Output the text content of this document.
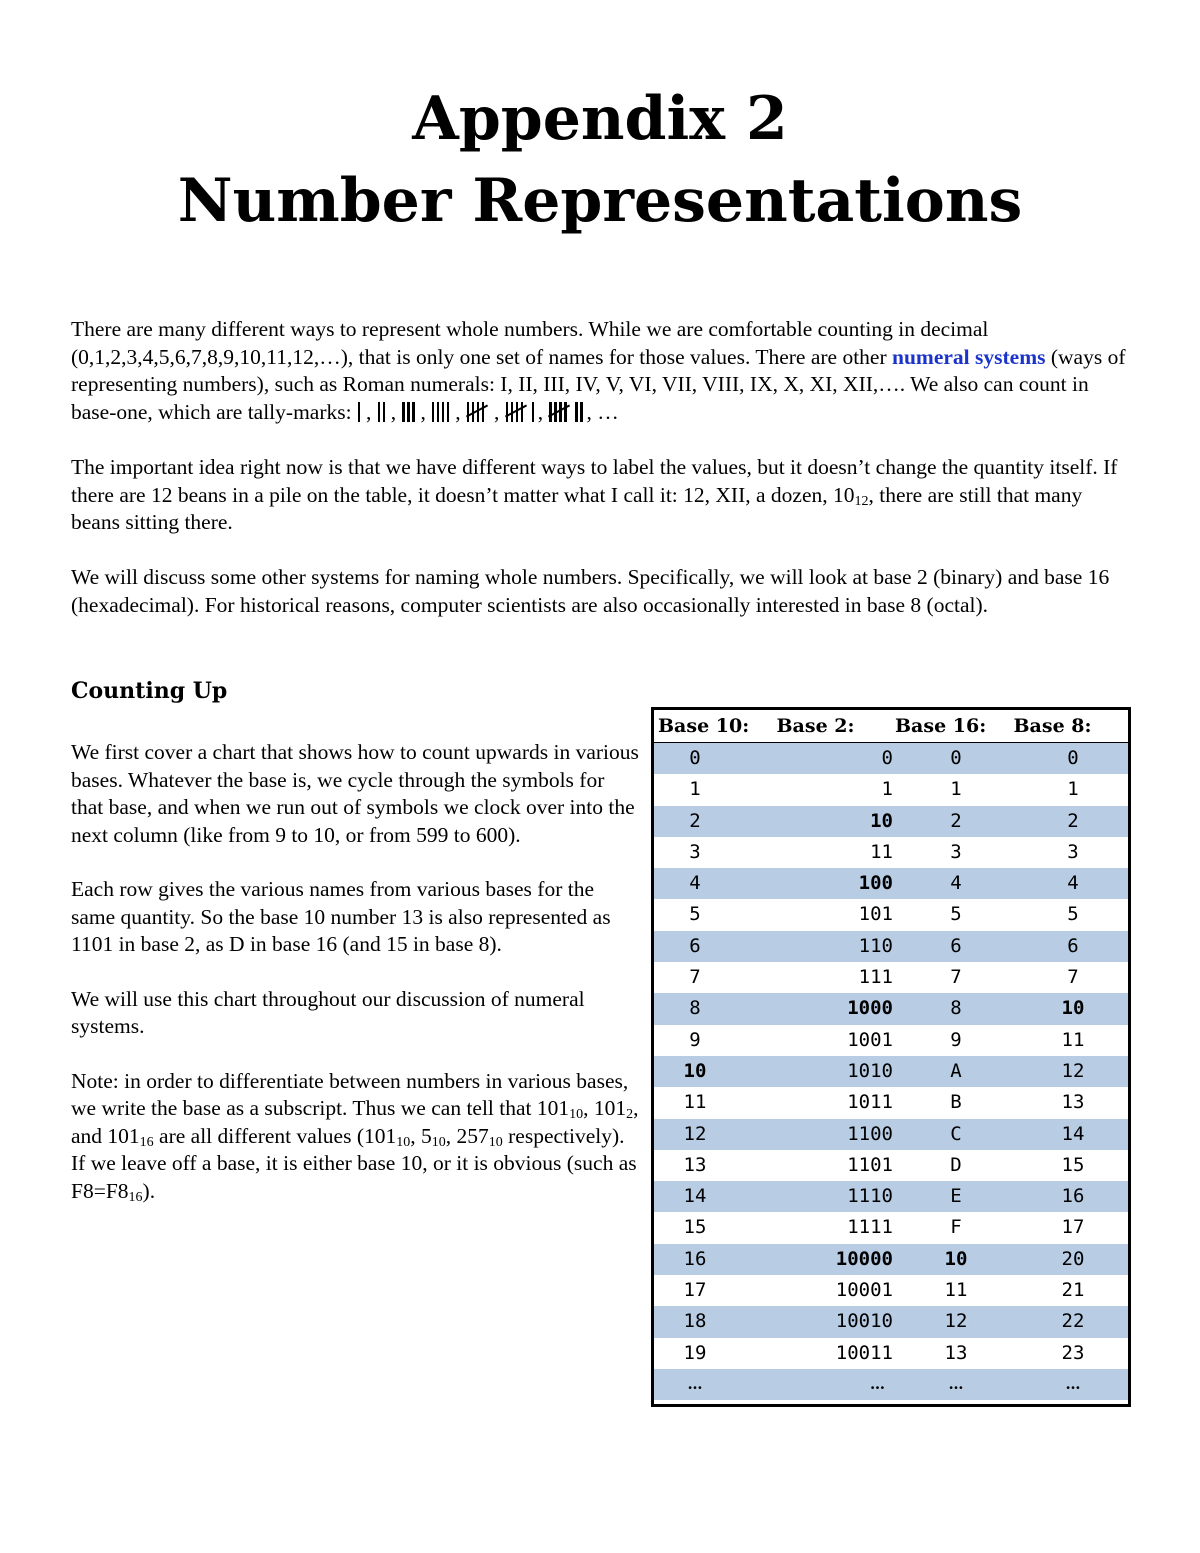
Appendix 2
Number Representations

There are many different ways to represent whole numbers. While we are comfortable counting in decimal (0,1,2,3,4,5,6,7,8,9,10,11,12,…), that is only one set of names for those values. There are other numeral systems (ways of representing numbers), such as Roman numerals: I, II, III, IV, V, VI, VII, VIII, IX, X, XI, XII,…. We also can count in base-one, which are tally-marks:
,
,
,
,
,
,
, …

The important idea right now is that we have different ways to label the values, but it doesn’t change the quantity itself. If there are 12 beans in a pile on the table, it doesn’t matter what I call it: 12, XII, a dozen, $10_{12}$, there are still that many beans sitting there.

We will discuss some other systems for naming whole numbers. Specifically, we will look at base 2 (binary) and base 16 (hexadecimal). For historical reasons, computer scientists are also occasionally interested in base 8 (octal).

Counting Up

We first cover a chart that shows how to count upwards in various bases. Whatever the base is, we cycle through the symbols for that base, and when we run out of symbols we clock over into the next column (like from 9 to 10, or from 599 to 600).

Each row gives the various names from various bases for the same quantity. So the base 10 number 13 is also represented as 1101 in base 2, as D in base 16 (and 15 in base 8).

We will use this chart throughout our discussion of numeral systems.

Note: in order to differentiate between numbers in various bases, we write the base as a subscript. Thus we can tell that $101_{10}$, $101_2$, and $101_{16}$ are all different values ($101_{10}$, $5_{10}$, $257_{10}$ respectively). If we leave off a base, it is either base 10, or it is obvious (such as $F8=F8_{16}$).

Base 10:	Base 2:	Base 16:	Base 8:
0	0	0	0
1	1	1	1
2	10	2	2
3	11	3	3
4	100	4	4
5	101	5	5
6	110	6	6
7	111	7	7
8	1000	8	10
9	1001	9	11
10	1010	A	12
11	1011	B	13
12	1100	C	14
13	1101	D	15
14	1110	E	16
15	1111	F	17
16	10000	10	20
17	10001	11	21
18	10010	12	22
19	10011	13	23
…	…	…	…
